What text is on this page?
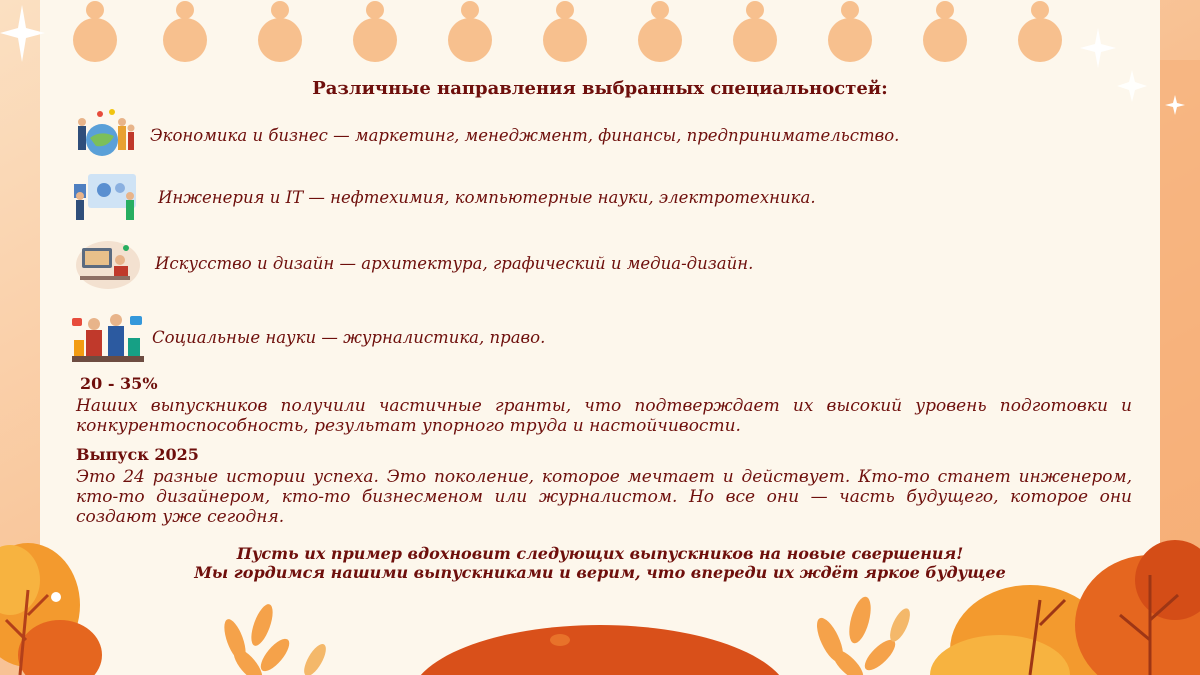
Различные направления выбранных специальностей:
Экономика и бизнес — маркетинг, менеджмент, финансы, предпринимательство.
Инженерия и IT — нефтехимия, компьютерные науки, электротехника.
Искусство и дизайн — архитектура, графический и медиа-дизайн.
Социальные науки — журналистика, право.
20 - 35%
Наших выпускников получили частичные гранты, что подтверждает их высокий уровень подготовки и конкурентоспособность, результат упорного труда и настойчивости.
Выпуск 2025
Это 24 разные истории успеха. Это поколение, которое мечтает и действует. Кто-то станет инженером, кто-то дизайнером, кто-то бизнесменом или журналистом. Но все они — часть будущего, которое они создают уже сегодня.
Пусть их пример вдохновит следующих выпускников на новые свершения!
Мы гордимся нашими выпускниками и верим, что впереди их ждёт яркое будущее
